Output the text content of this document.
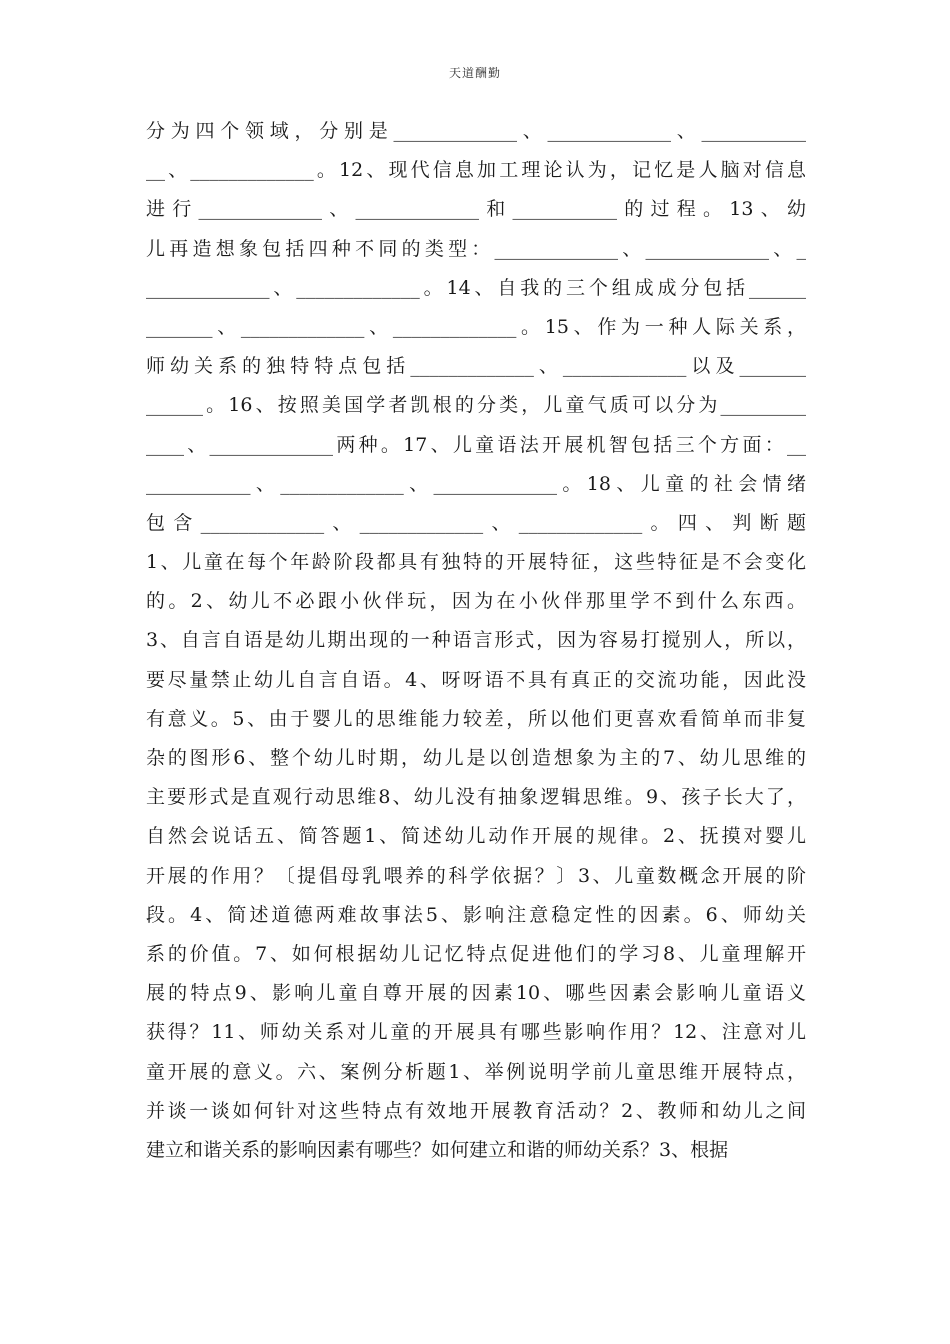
天道酬勤
分为四个领域，分别是_____________、_____________、___________
__、_____________。12、现代信息加工理论认为，记忆是人脑对信息
进行_____________、_____________和___________的过程。13、幼
儿再造想象包括四种不同的类型：_____________、_____________、_
_____________、_____________。14、自我的三个组成成分包括______
_______、_____________、_____________。15、作为一种人际关系，
师幼关系的独特特点包括_____________、_____________以及_______
______。16、按照美国学者凯根的分类，儿童气质可以分为_________
____、_____________两种。17、儿童语法开展机智包括三个方面：__
___________、_____________、_____________。18、儿童的社会情绪
包含_____________、_____________、_____________。四、判断题
1、儿童在每个年龄阶段都具有独特的开展特征，这些特征是不会变化
的。2、幼儿不必跟小伙伴玩，因为在小伙伴那里学不到什么东西。
3、自言自语是幼儿期出现的一种语言形式，因为容易打搅别人，所以，
要尽量禁止幼儿自言自语。4、呀呀语不具有真正的交流功能，因此没
有意义。5、由于婴儿的思维能力较差，所以他们更喜欢看简单而非复
杂的图形6、整个幼儿时期，幼儿是以创造想象为主的7、幼儿思维的
主要形式是直观行动思维8、幼儿没有抽象逻辑思维。9、孩子长大了，
自然会说话五、简答题1、简述幼儿动作开展的规律。2、抚摸对婴儿
开展的作用？〔提倡母乳喂养的科学依据？〕3、儿童数概念开展的阶
段。4、简述道德两难故事法5、影响注意稳定性的因素。6、师幼关
系的价值。7、如何根据幼儿记忆特点促进他们的学习8、儿童理解开
展的特点9、影响儿童自尊开展的因素10、哪些因素会影响儿童语义
获得？11、师幼关系对儿童的开展具有哪些影响作用？12、注意对儿
童开展的意义。六、案例分析题1、举例说明学前儿童思维开展特点，
并谈一谈如何针对这些特点有效地开展教育活动？2、教师和幼儿之间
建立和谐关系的影响因素有哪些？如何建立和谐的师幼关系？3、根据
